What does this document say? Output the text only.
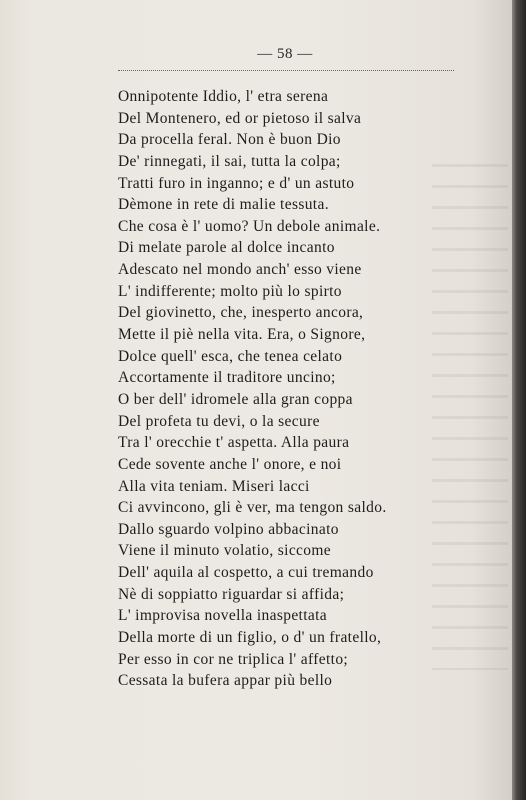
— 58 —
Onnipotente Iddio, l' etra serena
Del Montenero, ed or pietoso il salva
Da procella feral. Non è buon Dio
De' rinnegati, il sai, tutta la colpa;
Tratti furo in inganno; e d' un astuto
Dèmone in rete di malie tessuta.
Che cosa è l' uomo? Un debole animale.
Di melate parole al dolce incanto
Adescato nel mondo anch' esso viene
L' indifferente; molto più lo spirto
Del giovinetto, che, inesperto ancora,
Mette il piè nella vita. Era, o Signore,
Dolce quell' esca, che tenea celato
Accortamente il traditore uncino;
O ber dell' idromele alla gran coppa
Del profeta tu devi, o la secure
Tra l' orecchie t' aspetta. Alla paura
Cede sovente anche l' onore, e noi
Alla vita teniam. Miseri lacci
Ci avvincono, gli è ver, ma tengon saldo.
Dallo sguardo volpino abbacinato
Viene il minuto volatio, siccome
Dell' aquila al cospetto, a cui tremando
Nè di soppiatto riguardar si affida;
L' improvisa novella inaspettata
Della morte di un figlio, o d' un fratello,
Per esso in cor ne triplica l' affetto;
Cessata la bufera appar più bello
